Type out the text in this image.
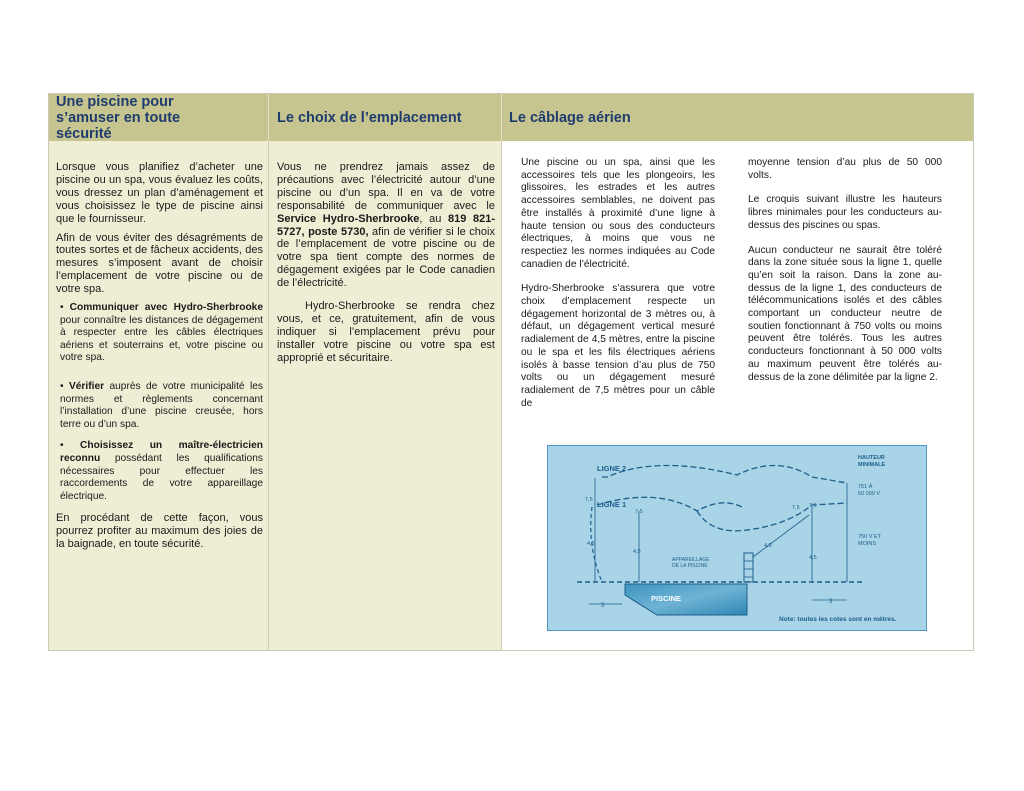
Une piscine pour s’amuser en toute sécurité
Le choix de l’emplacement	Le câblage aérien

Lorsque vous planifiez d’acheter une piscine ou un spa, vous évaluez les coûts, vous dressez un plan d’aménagement et vous choisissez le type de piscine ainsi que le fournisseur.

Afin de vous éviter des désagréments de toutes sortes et de fâcheux accidents, des mesures s’imposent avant de choisir l’emplacement de votre piscine ou de votre spa.

• Communiquer avec Hydro-Sherbrooke pour connaître les distances de dégagement à respecter entre les câbles électriques aériens et souterrains et, votre piscine ou votre spa.

• Vérifier auprès de votre municipalité les normes et règlements concernant l’installation d’une piscine creusée, hors terre ou d’un spa.

• Choisissez un maître-électricien reconnu possédant les qualifications nécessaires pour effectuer les raccordements de votre appareillage électrique.

En procédant de cette façon, vous pourrez profiter au maximum des joies de la baignade, en toute sécurité.

Vous ne prendrez jamais assez de précautions avec l’électricité autour d’une piscine ou d’un spa. Il en va de votre responsabilité de communiquer avec le Service Hydro-Sherbrooke, au 819 821-5727, poste 5730, afin de vérifier si le choix de l’emplacement de votre piscine ou de votre spa tient compte des normes de dégagement exigées par le Code canadien de l’électricité.

Hydro-Sherbrooke se rendra chez vous, et ce, gratuitement, afin de vous indiquer si l’emplacement prévu pour installer votre piscine ou votre spa est approprié et sécuritaire.

Une piscine ou un spa, ainsi que les accessoires tels que les plongeoirs, les glissoires, les estrades et les autres accessoires semblables, ne doivent pas être installés à proximité d’une ligne à haute tension ou sous des conducteurs électriques, à moins que vous ne respectiez les normes indiquées au Code canadien de l’électricité.

Hydro-Sherbrooke s’assurera que votre choix d’emplacement respecte un dégagement horizontal de 3 mètres ou, à défaut, un dégagement vertical mesuré radialement de 4,5 mètres, entre la piscine ou le spa et les fils électriques aériens isolés à basse tension d’au plus de 750 volts ou un dégagement mesuré radialement de 7,5 mètres pour un câble de

moyenne tension d’au plus de 50 000 volts.

Le croquis suivant illustre les hauteurs libres minimales pour les conducteurs au-dessus des piscines ou spas.

Aucun conducteur ne saurait être toléré dans la zone située sous la ligne 1, quelle qu’en soit la raison. Dans la zone au-dessus de la ligne 1, des conducteurs de télécommunications isolés et des câbles comportant un conducteur neutre de soutien fonctionnant à 750 volts ou moins peuvent être tolérés. Tous les autres conducteurs fonctionnant à 50 000 volts au maximum peuvent être tolérés au-dessus de la zone délimitée par la ligne 2.

LIGNE 2
LIGNE 1
HAUTEUR
MINIMALE
751 À
50 000 V
750 V ET
MOINS
APPAREILLAGE
DE LA PISCINE
PISCINE
Note: toutes les cotes sont en mètres.
7,5
7,5
7,5 7,5
4,5
4,5
4,5
4,5
3
3
